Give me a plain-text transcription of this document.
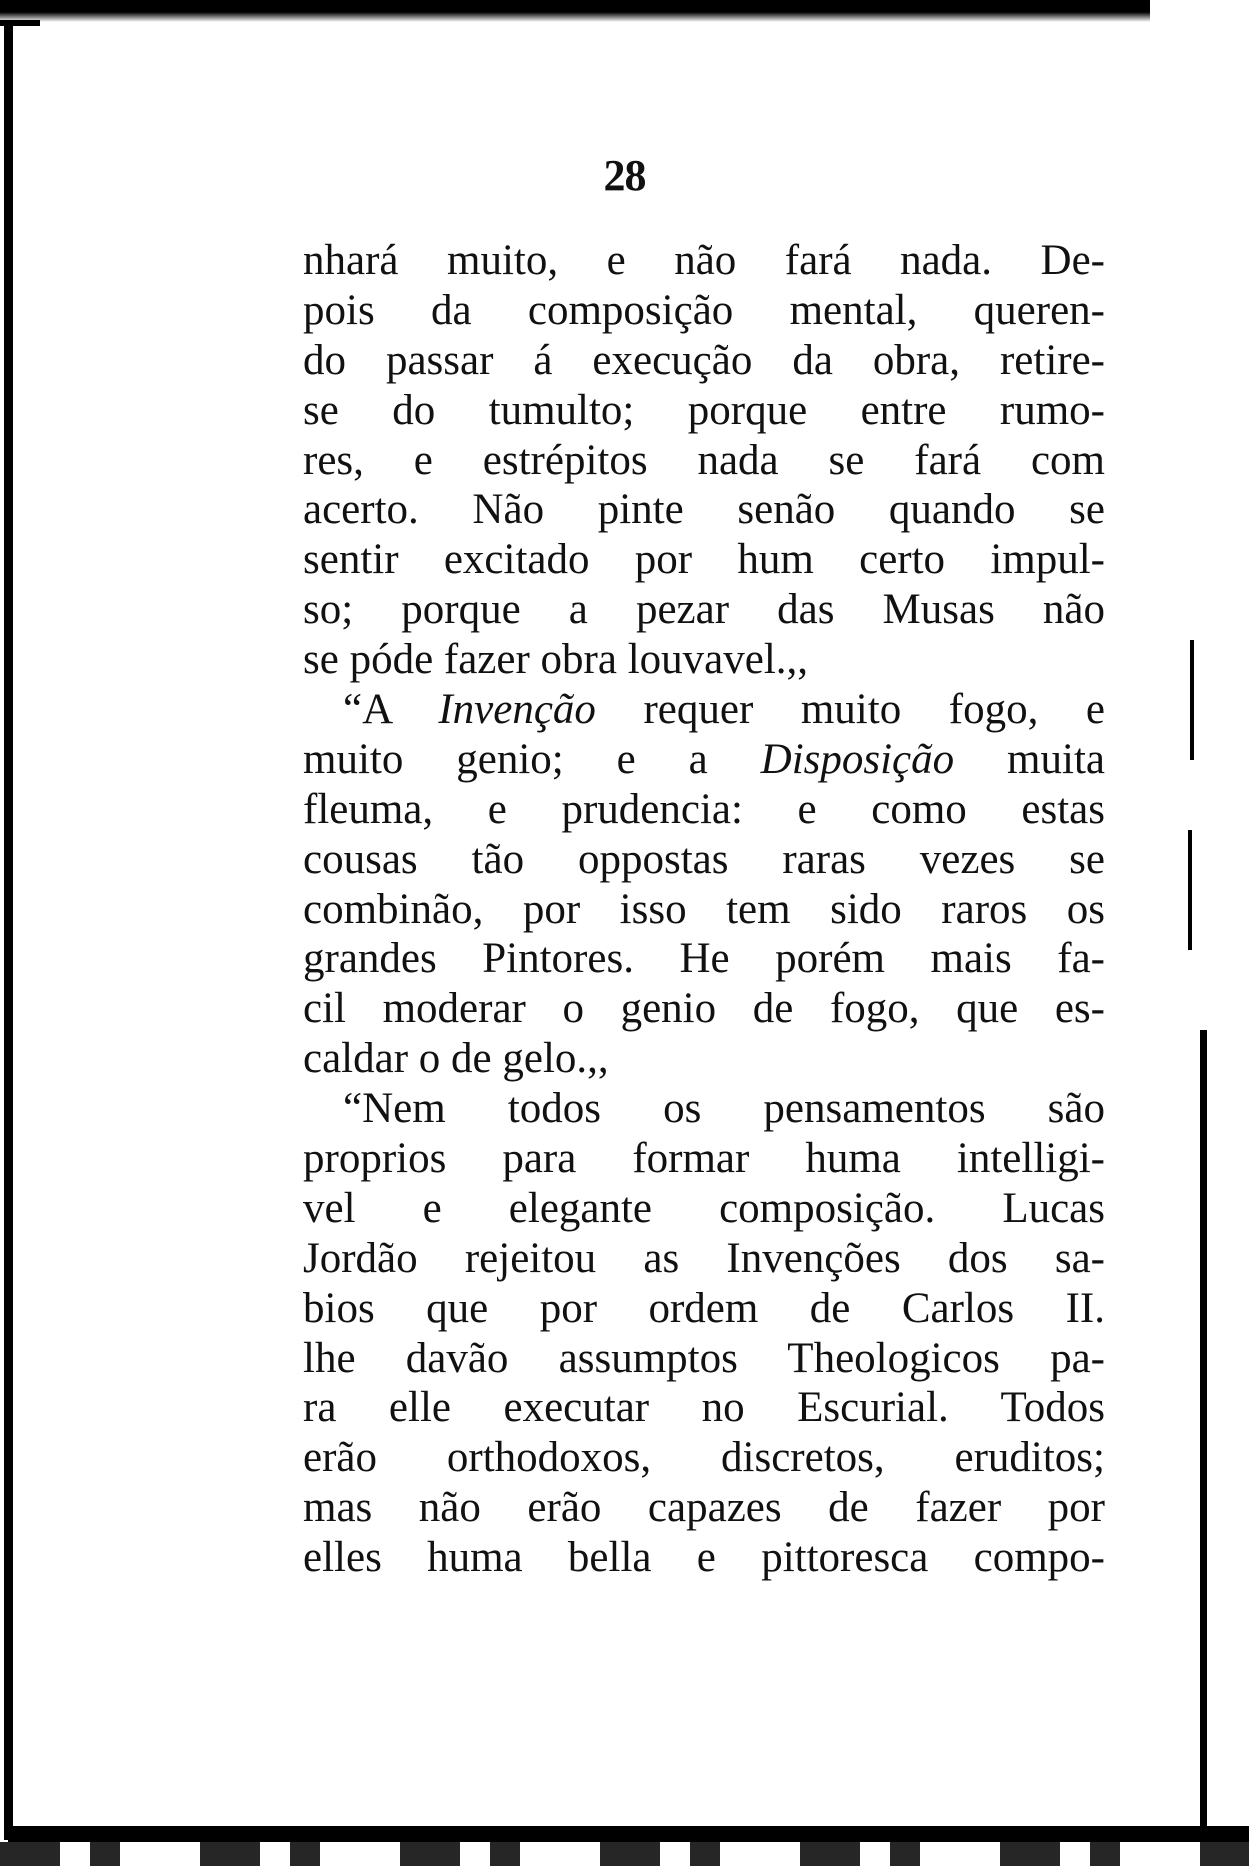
28
nhará muito, e não fará nada. De-
pois da composição mental, queren-
do passar á execução da obra, retire-
se do tumulto; porque entre rumo-
res, e estrépitos nada se fará com
acerto. Não pinte senão quando se
sentir excitado por hum certo impul-
so; porque a pezar das Musas não
se póde fazer obra louvavel.,,
“A Invenção requer muito fogo, e
muito genio; e a Disposição muita
fleuma, e prudencia: e como estas
cousas tão oppostas raras vezes se
combinão, por isso tem sido raros os
grandes Pintores. He porém mais fa-
cil moderar o genio de fogo, que es-
caldar o de gelo.,,
“Nem todos os pensamentos são
proprios para formar huma intelligi-
vel e elegante composição. Lucas
Jordão rejeitou as Invenções dos sa-
bios que por ordem de Carlos II.
lhe davão assumptos Theologicos pa-
ra elle executar no Escurial. Todos
erão orthodoxos, discretos, eruditos;
mas não erão capazes de fazer por
elles huma bella e pittoresca compo-
